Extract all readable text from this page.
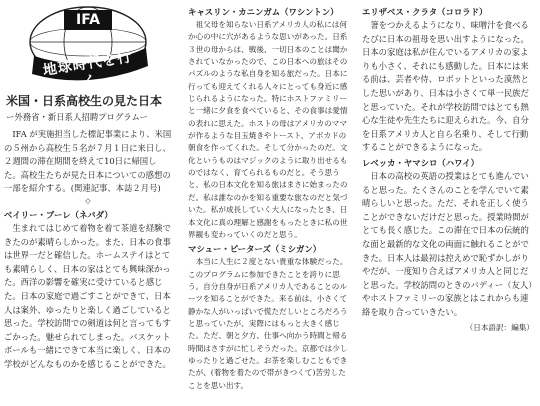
IFA
地球時代を行く
米国・日系高校生の見た日本
ー外務省・新日系人招聘プログラムー

IFA が実施担当した標記事業により、米国の５州から高校生５名が７月１日に来日し、２週間の滞在期間を終えて10日に帰国した。高校生たちが見た日本についての感想の一部を紹介する。(関連記事、本誌２月号)

◇
ベイリー・ブーレ（ネバダ）

生まれてはじめて着物を着て茶道を経験できたのが素晴らしかった。また、日本の食事は世界一だと確信した。ホームステイはとても素晴らしく、日本の家はとても興味深かった。西洋の影響を確実に受けていると感じた。日本の家庭で過ごすことができて、日本人は案外、ゆったりと楽しく過ごしていると思った。学校訪問での剣道は何と言ってもすごかった。魅せられてしまった。バスケットボールも一緒にできて本当に楽しく、日本の学校がどんなものかを感じることができた。

キャスリン・カニンガム（ワシントン）

祖父母を知らない日系アメリカ人の私には何か心の中に穴があるような思いがあった。日系３世の母からは、戦後、一切日本のことは聞かされていなかったので、この日本への旅はそのパズルのような私自身を知る旅だった。日本に行っても迎えてくれる人々にとっても身近に感じられるようになった。特にホストファミリーと一緒に夕食を食べていると、その食事は愛情の表れに思えた。ホストの母はアメリカのママが作るような目玉焼きやトースト、アボカドの朝食を作ってくれた。そして分かったのだ。文化というものはマジックのように取り出せるものではなく、育てられるものだと。そう思うと、私の日本文化を知る旅はまさに始まったのだ。私は誰なのかを知る重要な旅なのだと気づいた。私が成長していく大人になったとき、日本文化に真の理解と感謝をもったときに私の世界観も変わっていくのだと思う。

マシュー・ピーターズ（ミシガン）

本当に人生に２度とない貴重な体験だった。このプログラムに参加できたことを誇りに思う。自分自身が日系アメリカ人であることのルーツを知ることができた。来る前は、小さくて静かな人がいっぱいで慌ただしいところだろうと思っていたが、実際にはもっと大きく感じた。ただ、朝と夕方、仕事へ向かう時間と帰る時間はさすがに忙しそうだった。京都では少しゆったりと過ごせた。お茶を楽しむこともできたが、(着物を着たので帯がきつくて)苦労したことを思い出す。

エリザベス・クラタ（コロラド）

箸をつかえるようになり、味噌汁を食べるたびに日本の祖母を思い出すようになった。日本の家庭は私が住んでいるアメリカの家よりも小さく、それにも感動した。日本には来る前は、芸者や侍、ロボットといった漠然とした思いがあり、日本は小さくて単一民族だと思っていた。それが学校訪問ではとても熱心な生徒や先生たちに迎えられた。今、自分を日系アメリカ人と自ら名乗り、そして行動することができるようになった。

レベッカ・ヤマシロ（ハワイ）

日本の高校の英語の授業はとても進んでいると思った。たくさんのことを学んでいて素晴らしいと思った。ただ、それを正しく使うことができないだけだと思った。授業時間がとても長く感じた。この滞在で日本の伝統的な面と最新的な文化の両面に触れることができた。日本人は最初は控えめで恥ずかしがりやだが、一度知り合えばアメリカ人と同じだと思った。学校訪問のときのバディー（友人）やホストファミリーの家族とはこれからも連絡を取り合っていきたい。

（日本語訳：編集）
